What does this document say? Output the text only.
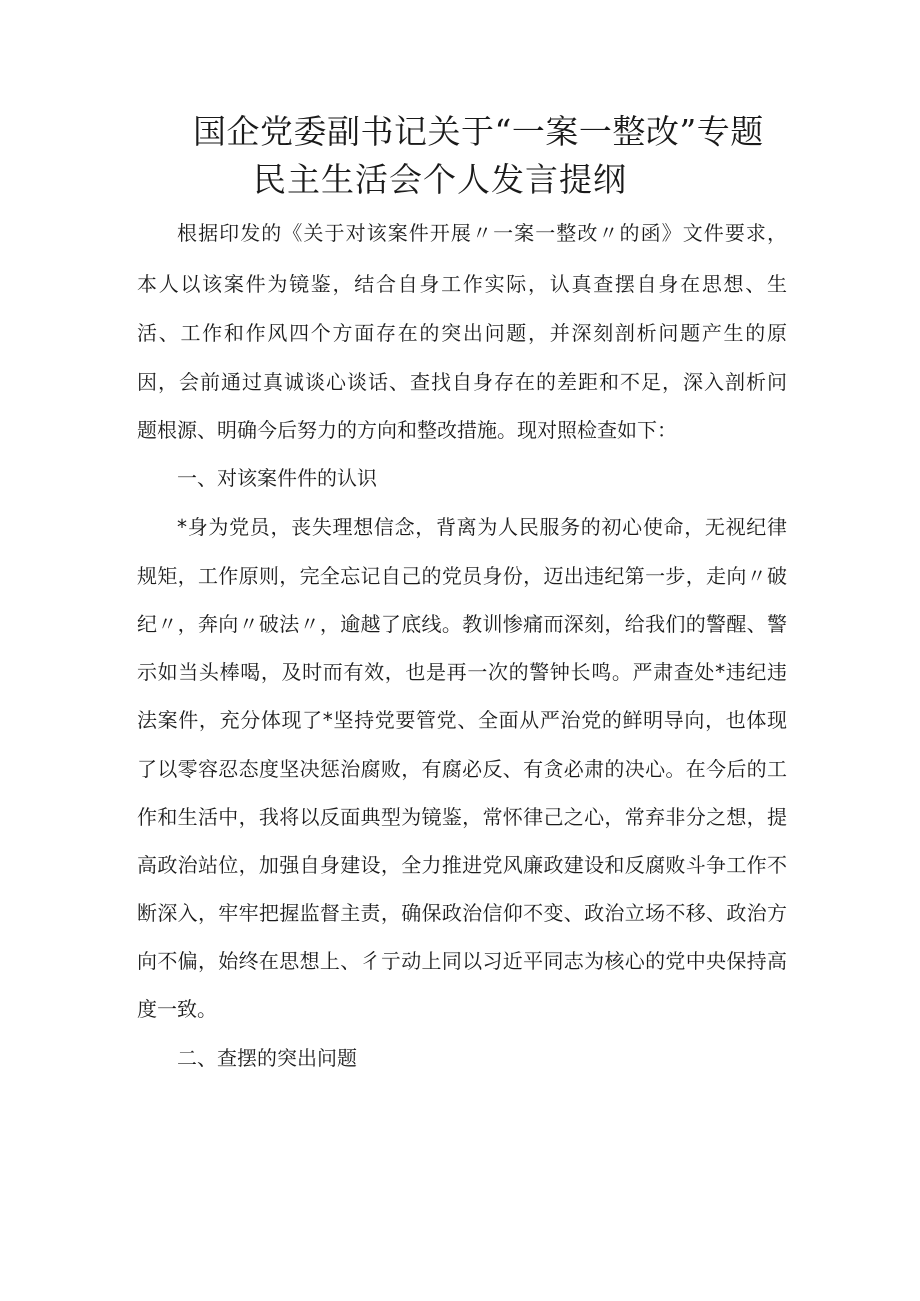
国企党委副书记关于“一案一整改”专题
民主生活会个人发言提纲
根据印发的《关于对该案件开展〃一案一整改〃的函》文件要求，
本人以该案件为镜鉴，结合自身工作实际，认真查摆自身在思想、生
活、工作和作风四个方面存在的突出问题，并深刻剖析问题产生的原
因，会前通过真诚谈心谈话、查找自身存在的差距和不足，深入剖析问
题根源、明确今后努力的方向和整改措施。现对照检查如下：
一、对该案件件的认识
*身为党员，丧失理想信念，背离为人民服务的初心使命，无视纪律
规矩，工作原则，完全忘记自己的党员身份，迈出违纪第一步，走向〃破
纪〃，奔向〃破法〃，逾越了底线。教训惨痛而深刻，给我们的警醒、警
示如当头棒喝，及时而有效，也是再一次的警钟长鸣。严肃查处*违纪违
法案件，充分体现了*坚持党要管党、全面从严治党的鲜明导向，也体现
了以零容忍态度坚决惩治腐败，有腐必反、有贪必肃的决心。在今后的工
作和生活中，我将以反面典型为镜鉴，常怀律己之心，常弃非分之想，提
高政治站位，加强自身建设，全力推进党风廉政建设和反腐败斗争工作不
断深入，牢牢把握监督主责，确保政治信仰不变、政治立场不移、政治方
向不偏，始终在思想上、彳亍动上同以习近平同志为核心的党中央保持高
度一致。
二、查摆的突出问题
